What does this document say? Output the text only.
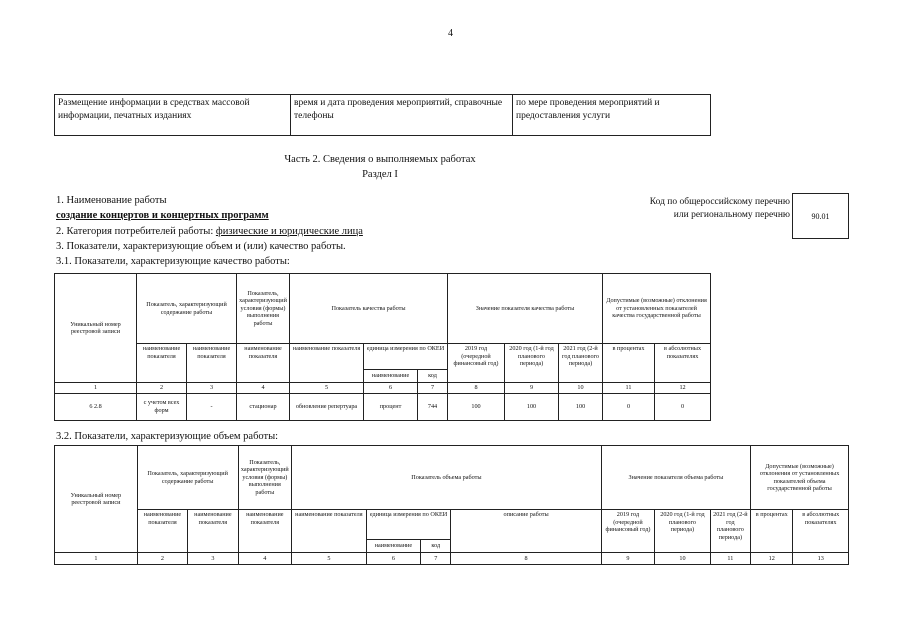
4
Размещение информации в средствах массовой информации, печатных изданиях	время и дата проведения мероприятий, справочные телефоны	по мере проведения мероприятий и предоставления услуги
Часть 2. Сведения о выполняемых работах
Раздел I
1. Наименование работы
создание концертов и концертных программ
2. Категория потребителей работы: физические и юридические лица
3. Показатели, характеризующие объем и (или) качество работы.
3.1. Показатели, характеризующие качество работы:
Код по общероссийскому перечню или региональному перечню	90.01
Уникальный номер реестровой записи	Показатель, характеризующий содержание работы		Показатель, характеризующий условия (формы) выполнения работы	Показатель качества работы			Значение показателя качества работы			Допустимые (возможные) отклонения от установленных показателей качества государственной работы	
	наименование показателя	наименование показателя	наименование показателя	наименование показателя	единица измерения по ОКЕИ		2019 год (очередной финансовый год)	2020 год (1-й год планового периода)	2021 год (2-й год планового периода)	в процентах	в абсолютных показателях
					наименование	код					
1	2	3	4	5	6	7	8	9	10	11	12
6 2.8	с учетом всех форм	-	стационар	обновление репертуара	процент	744	100	100	100	0	0
3.2. Показатели, характеризующие объем работы:
Уникальный номер реестровой записи	Показатель, характеризующий содержание работы		Показатель, характеризующий условия (формы) выполнения работы	Показатель объема работы				Значение показателя объема работы			Допустимые (возможные) отклонения от установленных показателей объема государственной работы	
	наименование показателя	наименование показателя	наименование показателя	наименование показателя	единица измерения по ОКЕИ		описание работы	2019 год (очередной финансовый год)	2020 год (1-й год планового периода)	2021 год (2-й год планового периода)	в процентах	в абсолютных показателях
					наименование	код						
1	2	3	4	5	6	7	8	9	10	11	12	13
